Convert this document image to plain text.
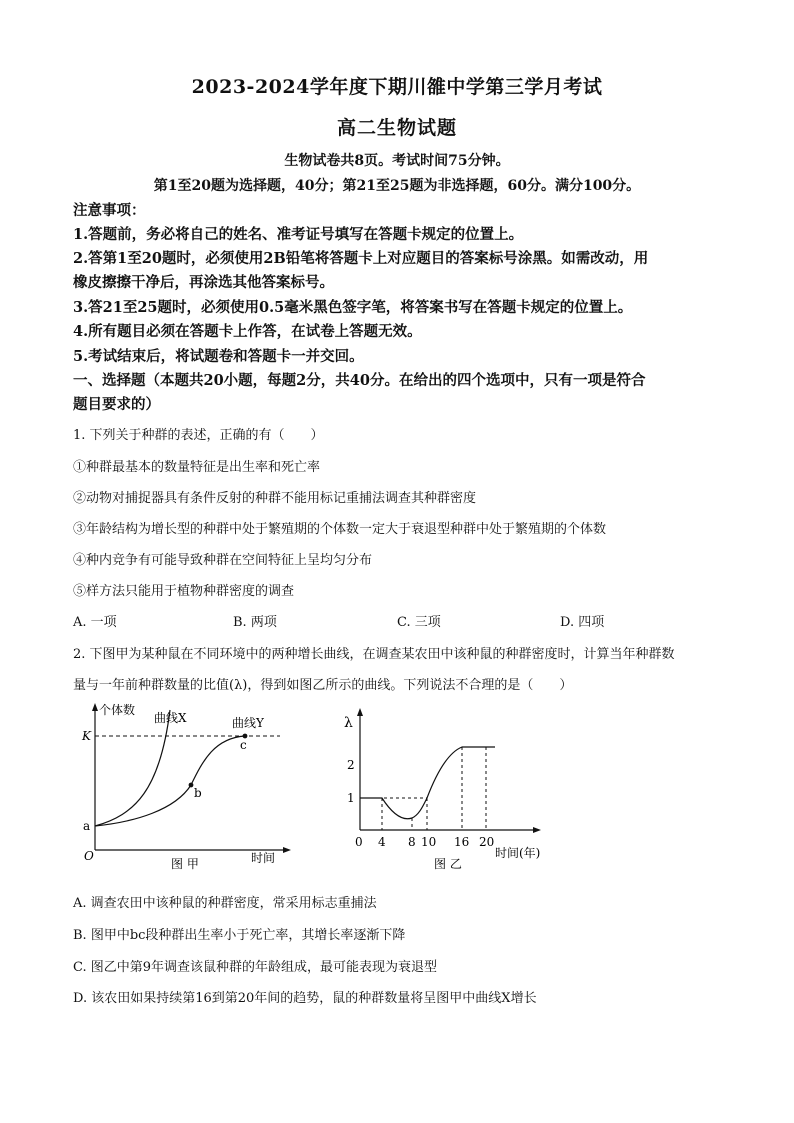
2023-2024学年度下期川雒中学第三学月考试
高二生物试题
生物试卷共8页。考试时间75分钟。
第1至20题为选择题，40分；第21至25题为非选择题，60分。满分100分。
注意事项：
1.答题前，务必将自己的姓名、准考证号填写在答题卡规定的位置上。
2.答第1至20题时，必须使用2B铅笔将答题卡上对应题目的答案标号涂黑。如需改动，用
橡皮擦擦干净后，再涂选其他答案标号。
3.答21至25题时，必须使用0.5毫米黑色签字笔，将答案书写在答题卡规定的位置上。
4.所有题目必须在答题卡上作答，在试卷上答题无效。
5.考试结束后，将试题卷和答题卡一并交回。
一、选择题（本题共20小题，每题2分，共40分。在给出的四个选项中，只有一项是符合
题目要求的）
1. 下列关于种群的表述，正确的有（　　）
①种群最基本的数量特征是出生率和死亡率
②动物对捕捉器具有条件反射的种群不能用标记重捕法调查其种群密度
③年龄结构为增长型的种群中处于繁殖期的个体数一定大于衰退型种群中处于繁殖期的个体数
④种内竞争有可能导致种群在空间特征上呈均匀分布
⑤样方法只能用于植物种群密度的调查
A. 一项	B. 两项	C. 三项	D. 四项
2. 下图甲为某种鼠在不同环境中的两种增长曲线，在调查某农田中该种鼠的种群密度时，计算当年种群数
量与一年前种群数量的比值(λ)，得到如图乙所示的曲线。下列说法不合理的是（　　）
个体数
K
曲线X	曲线Y
a
b
c
O
图 甲	时间
λ
2
1
0 4 8 10 16 20
时间(年)
图 乙
A. 调查农田中该种鼠的种群密度，常采用标志重捕法
B. 图甲中bc段种群出生率小于死亡率，其增长率逐渐下降
C. 图乙中第9年调查该鼠种群的年龄组成，最可能表现为衰退型
D. 该农田如果持续第16到第20年间的趋势，鼠的种群数量将呈图甲中曲线X增长
